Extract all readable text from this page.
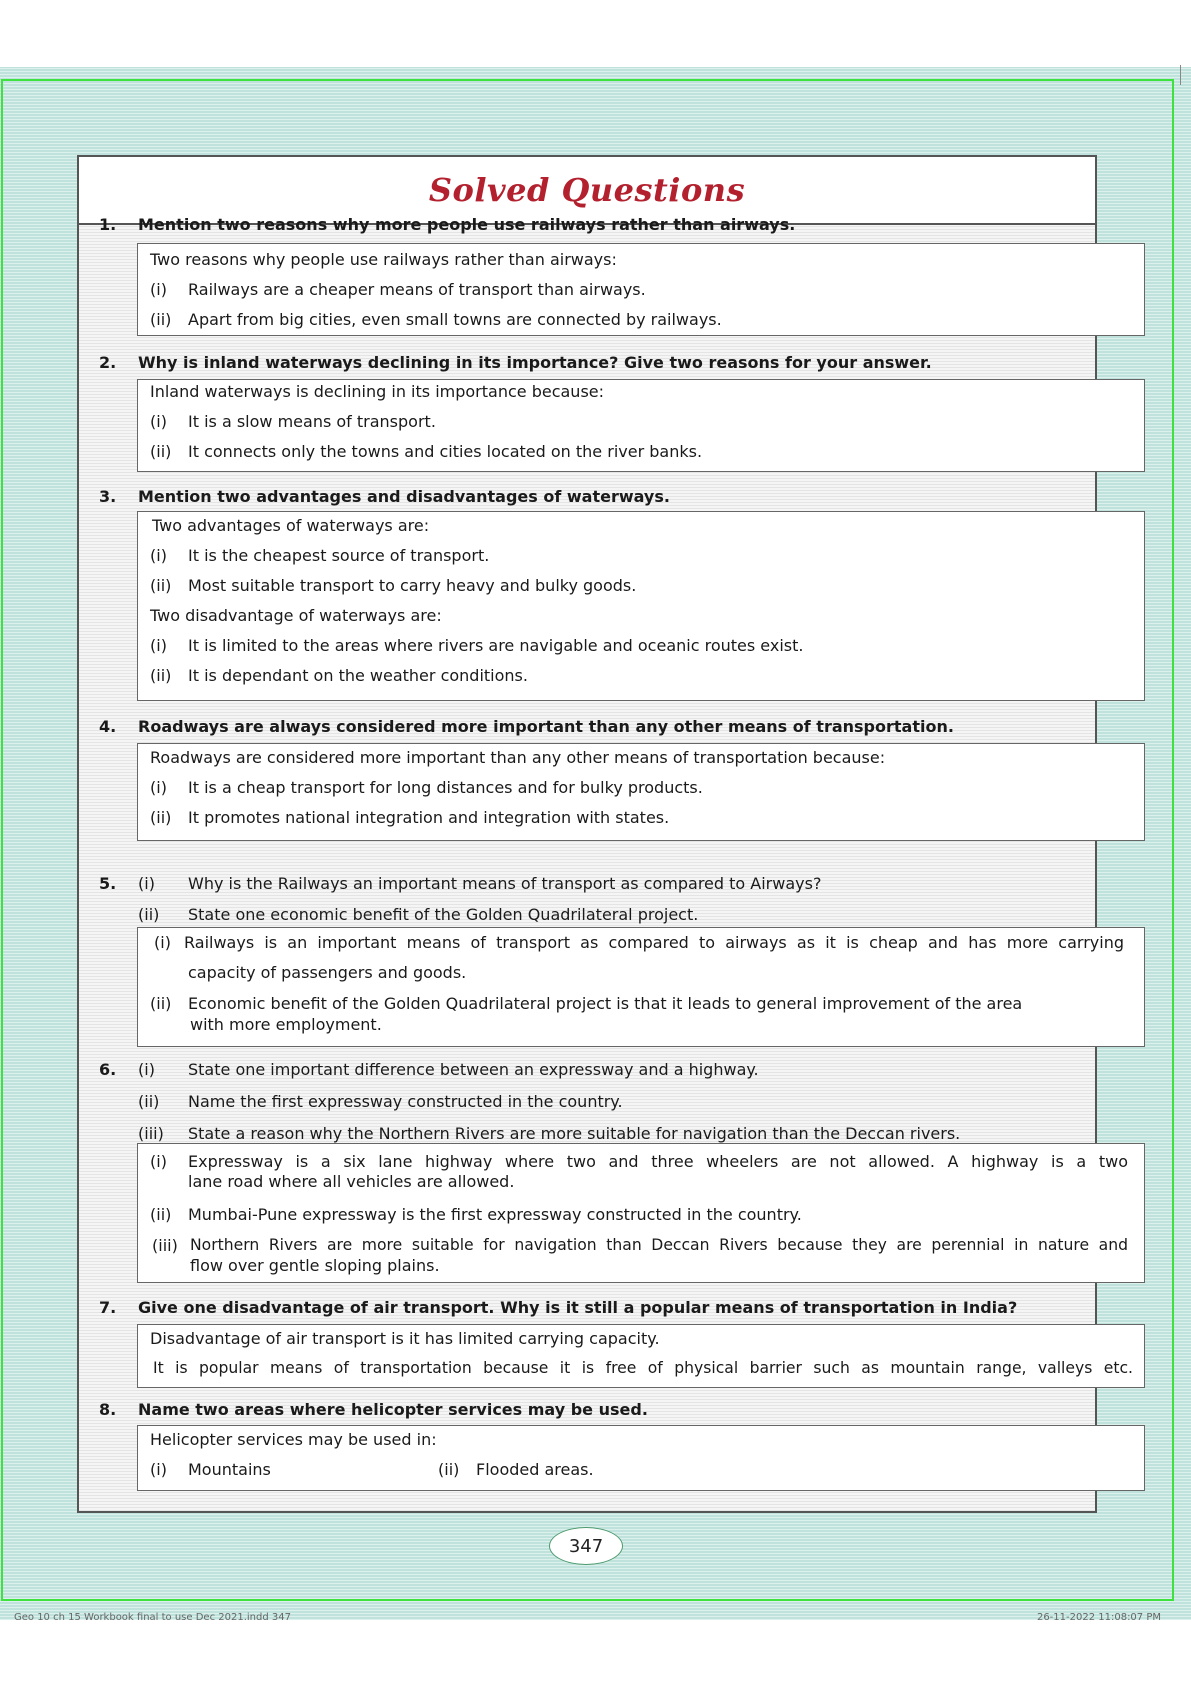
Solved Questions
1. Mention two reasons why more people use railways rather than airways.
Two reasons why people use railways rather than airways:
(i) Railways are a cheaper means of transport than airways.
(ii) Apart from big cities, even small towns are connected by railways.
2. Why is inland waterways declining in its importance? Give two reasons for your answer.
Inland waterways is declining in its importance because:
(i) It is a slow means of transport.
(ii) It connects only the towns and cities located on the river banks.
3. Mention two advantages and disadvantages of waterways.
Two advantages of waterways are:
(i) It is the cheapest source of transport.
(ii) Most suitable transport to carry heavy and bulky goods.
Two disadvantage of waterways are:
(i) It is limited to the areas where rivers are navigable and oceanic routes exist.
(ii) It is dependant on the weather conditions.
4. Roadways are always considered more important than any other means of transportation.
Roadways are considered more important than any other means of transportation because:
(i) It is a cheap transport for long distances and for bulky products.
(ii) It promotes national integration and integration with states.
5. (i) Why is the Railways an important means of transport as compared to Airways?
(ii) State one economic benefit of the Golden Quadrilateral project.
(i) Railways is an important means of transport as compared to airways as it is cheap and has more carrying
capacity of passengers and goods.
(ii) Economic benefit of the Golden Quadrilateral project is that it leads to general improvement of the area
with more employment.
6. (i) State one important difference between an expressway and a highway.
(ii) Name the first expressway constructed in the country.
(iii) State a reason why the Northern Rivers are more suitable for navigation than the Deccan rivers.
(i) Expressway is a six lane highway where two and three wheelers are not allowed. A highway is a two
lane road where all vehicles are allowed.
(ii) Mumbai-Pune expressway is the first expressway constructed in the country.
(iii) Northern Rivers are more suitable for navigation than Deccan Rivers because they are perennial in nature and
flow over gentle sloping plains.
7. Give one disadvantage of air transport. Why is it still a popular means of transportation in India?
Disadvantage of air transport is it has limited carrying capacity.
It is popular means of transportation because it is free of physical barrier such as mountain range, valleys etc.
8. Name two areas where helicopter services may be used.
Helicopter services may be used in:
(i) Mountains	(ii) Flooded areas.
347
Geo 10 ch 15 Workbook final to use Dec 2021.indd 347	26-11-2022 11:08:07 PM
